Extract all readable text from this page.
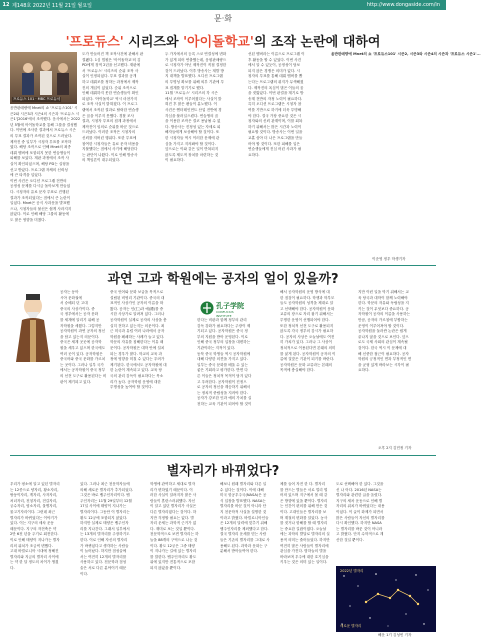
12 제148호 2022년 11월 21일 월요일	http://www.dongaside.com/in
문·화
'프로듀스' 시리즈와 '아이돌학교'의 조작 논란에 대하여
프로듀스 101 · MBC 프로듀서
음반판매량에 Mnet의 쇼 '프로듀스101' 시
즌2와 시즌3과 시즌4의 시즌과 '프로듀스 시
즌1'[2016'에서 조작했다. 음사에서는 2022
년 5월에 아이돌학교를 통해 그룹을 결성했
다. 이번에 조사한 결과에서 프로듀스 시즌
의 투표 결과가 조작된 것으로 드러났다.
제작진 중 일부가 시청자 투표를 조작하
였다. 해당 조작으로 인해 Mnet의 최종
데뷔 멤버에 포함되지 못한 연습생들이
피해를 보았다. 재판 과정에서 조작 사
실이 확인되었으며, 해당 PD는 실형을
선고 받았다. 프로그램 자체의 신뢰성
에 큰 타격을 입었다.
이번 사건은 오디션 프로그램 전반의
공정성 문제를 다시금 돌아보게 만들었
다. 시청자의 유료 문자 투표로 진행된
결과가 조작되었다는 점에서 큰 논란이
일었다. Mnet은 공식 사과문을 발표했
으나, 시청자들의 불신은 쉽게 사라지지
않았다. 이로 인해 해당 그룹의 활동에
도 많은 영향을 미쳤다.
도가 만들어진 책 조작사건에 관해서 판
결됐다. 1심 법원은 '아이돌학교'의 김
PD에게 징역 2년을 선고했다. 재판에
서 '프로듀스' 시리즈의 순위 조작 사
실이 인정되었다. 투표 결과를 공개
하고 데뷔조를 정하는 과정에서 제작
진의 개입이 있었다. 순위 조작으로
인해 데뷔하지 못한 연습생들이 확인
되었다. '아이돌학교' 역시 마찬가지
로 조작 사실이 밝혀졌다. 이 프로그
램에서 조작된 결과로 탈락한 연습생
은 꿈을 이루지 못했다. 경찰 조사
결과, 시청자 투표의 집계 과정에서
제작진이 임의로 순위를 바꾼 것으로
드러났다. 이러한 조작은 시청자의
신뢰를 저버린 행위다. 또한 투표에
참여한 시청자들은 유료 문자 비용을
지불했다는 점에서 사기에 해당한다
는 판단이 나왔다. 이로 인해 방송사
의 책임론이 대두되었다.
두 가지에서의 등록 스코 연결성에 변화
가 있게 되어 연출했는데, 음원판매량으
로 시청자가 아닌 제작진이 직접 결정한
것이 드러났다. 이후 방송사는 재발 방
지 대책을 발표했다. 오디션 프로그램
의 투명성 확보를 위해 외부 기관에 투
표 집계를 맡기기로 했다.
11월 '프로듀스' 시리즈의 각 시즌
에서 조작이 이루어졌다는 사실이 밝
혀진 후 많은 팬들이 분노했다. 이
사건은 엔터테인먼트 산업 전반에 경
각심을 불러일으켰다. 연습생의 꿈
을 이용한 조작은 결코 용납될 수 없
다. 방송사는 진정성 있는 자세로 피
해자들에게 보상해야 할 것이다. 또
한 시청자들 역시 이러한 문제에 관
심을 가지고 지켜봐야 할 것이다.
앞으로는 이와 같은 일이 반복되지
않도록 제도적 장치를 마련하는 것
이 필요하다.
선된 멤버라는 이름으로 프로그램 이
후 활동을 할 수 있었다. 이번 사건
에서 알 수 있듯이, 공정성이 담보
되지 않은 경쟁은 의미가 없다. 시
청자의 투표를 통해 데뷔 멤버를 뽑
는다는 프로그램의 취지가 무색해졌
다. 제작진의 욕심이 많은 이들의 꿈
을 짓밟았다. 이번 판결을 계기로 방
송계 전반의 자정 노력이 필요하다.
특히 오디션 프로그램은 시청자 참
여를 기반으로 하기에 더욱 투명해
야 한다. 결국 가장 중요한 것은 시
청자와의 신뢰 관계이며, 이를 회복
하기 위해서는 많은 시간과 노력이
필요할 것이다. 방송사는 이번 일을
교훈 삼아 더 나은 프로그램을 만들
어야 할 것이다. 또한 피해를 입은
연습생들에게 진심 어린 사과가 필
요하다.
음반판매량에 Mnet의 쇼 '프로듀스101' 시즌2, 시즌3와 시즌4의 시즌과 '프로듀스 시즌1'...
이준영 정우 학생기자
과연 고과 학원에는 공자의 얼이 있을까?
공자는 동아
시아 문화권에
서 숭배되 던 고대
중국의 사상가이다. 중
국 정부에서는 공자 문화
를 세계에 알리기 위해 공
자학원을 세웠다. 그렇지만
공자학원이 과연 공자의 정신
을 담고 있는지 의문이다.
중국은 세계 곳곳에 공자학
원을 세우고 있으며 한국에도
여러 곳이 있다. 공자학원은
중국어와 중국 문화를 가르치
는 곳이다. 그러나 일부 국가
에서는 공자학원이 중국 정부
의 선전 도구로 활용된다는 비
판이 제기되고 있다.
중국 언어와 문화 보급을 목적으로
설립된 비영리 기관이다. 중국의 대
표적인 사상가인 공자의 이름을 따
왔다. 공자는 인(仁)과 예(禮)를 중
시한 사상가로 알려져 있다. 그러나
공자학원이 실제로 공자의 사상을 충
실히 전하고 있는지는 의문이다. 최
근 미국과 유럽 여러 나라에서 공자
학원을 폐쇄하는 사례가 늘고 있다.
학문의 자유를 침해한다는 이유 때
문이다. 공자학원은 대학 안에 설치
되는 경우가 많다. 학교의 교육 과
정에 영향을 미칠 수 있다는 우려가
제기된다. 한국에서도 공자학원에 대
한 논란이 계속되고 있다. 교육 당
국의 관리 감독이 필요하다는 목소
리가 높다. 공자학원 운영에 대한
투명성을 높여야 할 것이다.
孔子学院
CONFUCIUS INSTITUTE
한다는 비판과 함께 정부의 관리
감독 강화가 필요하다는 주장이 제
기되고 있다. 공자학원은 중국 정
부의 지원을 받아 운영된다. 이로
인해 중국 정부의 입장을 대변하는
기관이라는 지적이 있다.
동북 중국 학생들 역시 공자학원에
대해 다양한 의견을 가지고 있다.
일부는 중국 문화를 배울 수 있는
좋은 기회라고 평가한다. 반면 다
른 이들은 정치적 목적이 담겨 있다
고 우려한다. 공자학원이 진정으
로 공자의 정신을 계승하기 위해서
는 정치적 중립성을 지켜야 한다.
공자가 강조한 인과 예의 가치를 실
천하는 교육 기관이 되어야 할 것이
해서 공자학원의 운영 방식에 대
한 점검이 필요하다. 학생과 학부모
들도 공자학원의 성격을 제대로 알
고 선택해야 한다. 공자학원이 문화
교류의 장으로 자리 잡기 위해서는
투명한 운영이 선행되어야 한다.
또한 정치적 선전 도구로 활용되지
않도록 각국 정부의 감시가 필요하
다. 공자의 사상은 오늘날에도 여전
히 가치가 있다. 그러나 그 사상이
정치적으로 이용된다면 본래의 의미
를 잃게 된다. 공자학원이 공자의 이
름에 걸맞은 기관이 되기를 바란다.
공자학원은 문화 교류라는 본래의
목적에 충실해야 한다.
지만 이런 일을 막기 위해서는 교
육 당국과 대학이 함께 노력해야
한다. 학문의 자유와 독립성을 지
키는 것이 무엇보다 중요하다. 공
자학원이 공자의 이름을 사용하는
만큼, 공자의 가르침에 부합하는
운영이 이루어져야 할 것이다.
공자학원을 둘러싼 논란은 쉽게
끝나지 않을 것으로 보인다. 앞으
로도 국제 사회의 관심이 계속될
것이다. 한국 역시 이 문제에 대
해 신중한 접근이 필요하다. 공자
학원의 긍정적인 면과 부정적인 면
을 균형 있게 바라보는 시각이 필
요하다.
오후 2지 김민정 기자
별자리가 바뀌었다?
우리가 평소에 알고 있던 별자리
는 12종으로 양자리, 황소자리,
쌍둥이자리, 게자리, 사자자리,
처녀자리, 천칭자리, 전갈자리,
궁수자리, 염소자리, 물병자리,
물고기자리이다. 그런데 최근
별자리가 바뀌었다는 이야기가
있다. 이는 지구의 세차 운동
때문이다. 지구의 자전축은 약
2만 6천 년을 주기로 회전한다.
이로 인해 태양이 지나가는 별자
리의 위치가 조금씩 변했다.
고대 바빌로니아 시대에 정해진
별자리와 지금의 별자리 사이에
는 약 한 달 정도의 차이가 생겼
다.
있다. 그러나 최근 천문학자들에
의해 새로운 별자리가 추가되었다.
그것은 바로 뱀주인자리이다. 뱀
주인자리는 11월 29일부터 12월
17일 사이에 태양이 지나가는
별자리이다. 그동안 이 별자리는
황도 12궁에 포함되지 않았다.
하지만 실제로 태양은 뱀주인자
리를 지나간다. 그래서 일부에서
는 13개의 별자리를 주장하기도
한다. 이로 인해 자신의 별자리
가 바뀌었다고 생각하는 사람들
이 늘어났다. 하지만 점성술에
서는 여전히 12개의 별자리를
사용하고 있다. 천문학과 점성
술은 서로 다른 분야이기 때문
이다.
학생에 관여하고 세대로 별자
리가 변하였기 때문이다. 이
러한 사실이 알려지자 많은 사
람들이 혼란스러워했다. 자신
이 알고 있던 별자리가 사실은
다른 별자리였다는 것이다. 하
지만 걱정할 필요는 없다. 별
자리 운세는 과학적 근거가 없
다. 재미로 보는 것일 뿐이다.
천문학적으로 보면 별자리는 하
늘을 88개의 구역으로 나눈 것
이다. 황도 12궁은 그중 태양
이 지나가는 길에 있는 별자리
를 말한다. 뱀주인자리도 황도
위에 있지만 전통적으로 포함
되지 않았을 뿐이다.
해보니 원래 별자리와 다른 일
수 있다는 것이다. 이에 대해
미국 항공우주국(NASA)은 공
식 입장을 발표했다. NASA는
별자리를 바꾼 것이 아니라 단
지 천문학적 사실을 설명한 것
이라고 밝혔다. 바빌로니아인들
은 12개의 달력에 맞추기 위해
뱀주인자리를 제외했다고 한다.
결국 별자리 운세를 믿는 사람
들은 기존의 별자리를 그대로 사
용해도 된다. 과학과 문화는 구
분해서 받아들여야 한다.
체를 들어 자전 한 다. 별자리
를 만드는 별들은 서로 멀리 떨
어져 있으며 지구에서 볼 때 같
은 방향에 있을 뿐이다. 별자리
는 인간이 편의를 위해 만든 것
이다. 고대인들은 별자리를 보
며 계절의 변화를 알았다. 농사
를 짓거나 항해를 할 때 별자리
는 중요한 길잡이였다. 오늘날
에는 과학의 발달로 별자리의 실
용적 의미는 줄어들었다. 하지만
여전히 많은 사람들이 별자리에
관심을 가진다. 밤하늘의 별을
바라보며 우주에 대한 호기심을
키우는 것은 의미 있는 일이다.
도로 선택해야 한 있다. 그것을
신 나 아다. 2016년 NASA는
별자리와 관련한 글을 올렸다.
지구의 세차 운동으로 인해 별
자리의 위치가 바뀌었다는 내용
이었다. 이 글이 화제가 되면서
많은 사람들이 자신의 별자리를
다시 확인했다. 하지만 NASA
는 별자리를 바꾼 것이 아니라
고 밝혔다. 단지 수학적으로 계
산한 것일 뿐이다.
2022년 별자리
새로운 별자리
해운 1기 김성빈 기자
